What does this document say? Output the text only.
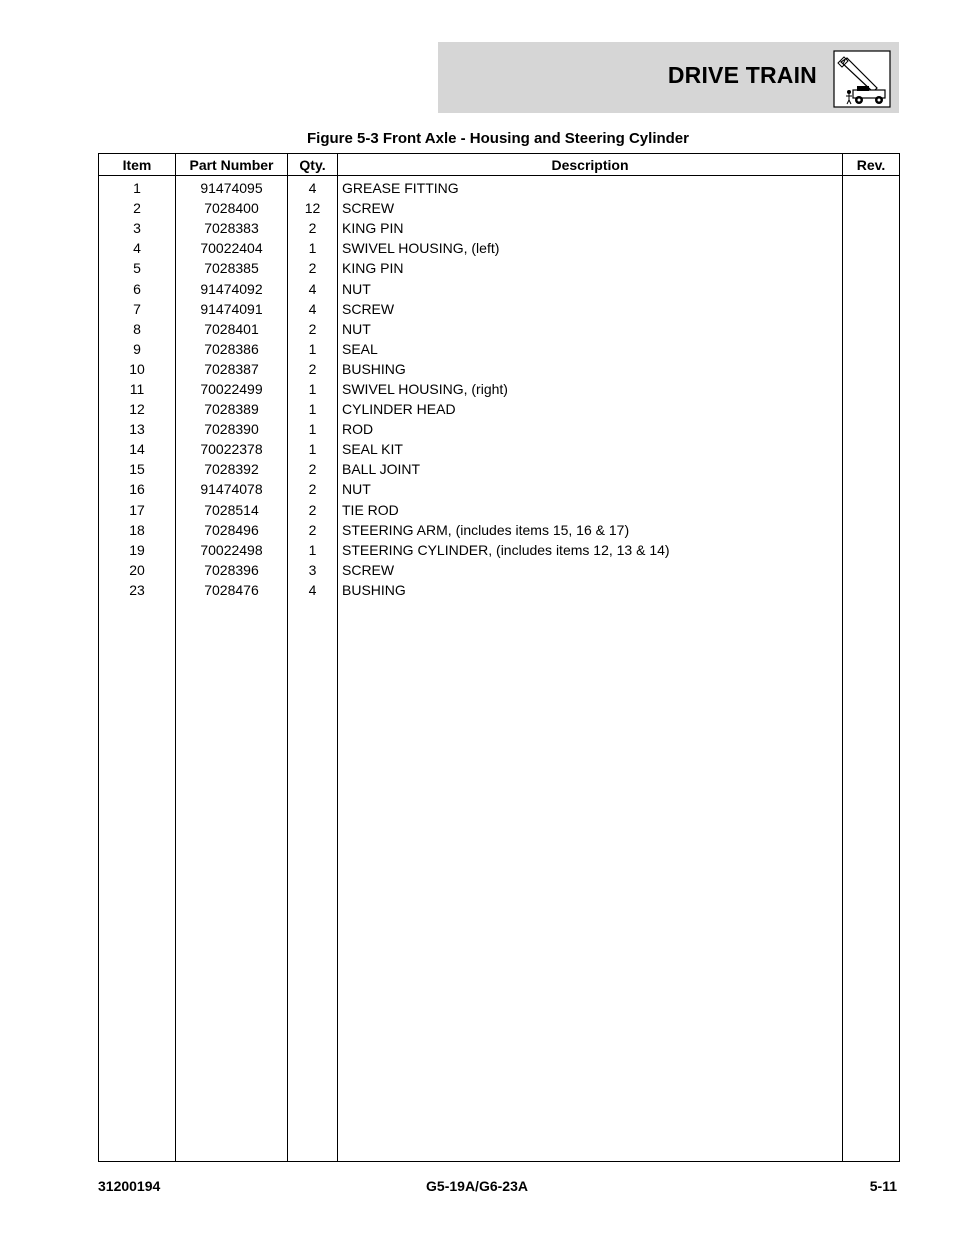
DRIVE TRAIN
Figure 5-3 Front Axle - Housing and Steering Cylinder
Item	Part Number	Qty.	Description	Rev.
1	91474095	4	GREASE FITTING	
2	7028400	12	SCREW	
3	7028383	2	KING PIN	
4	70022404	1	SWIVEL HOUSING, (left)	
5	7028385	2	KING PIN	
6	91474092	4	NUT	
7	91474091	4	SCREW	
8	7028401	2	NUT	
9	7028386	1	SEAL	
10	7028387	2	BUSHING	
11	70022499	1	SWIVEL HOUSING, (right)	
12	7028389	1	CYLINDER HEAD	
13	7028390	1	ROD	
14	70022378	1	SEAL KIT	
15	7028392	2	BALL JOINT	
16	91474078	2	NUT	
17	7028514	2	TIE ROD	
18	7028496	2	STEERING ARM, (includes items 15, 16 & 17)	
19	70022498	1	STEERING CYLINDER, (includes items 12, 13 & 14)	
20	7028396	3	SCREW	
23	7028476	4	BUSHING	

31200194	G5-19A/G6-23A	5-11
